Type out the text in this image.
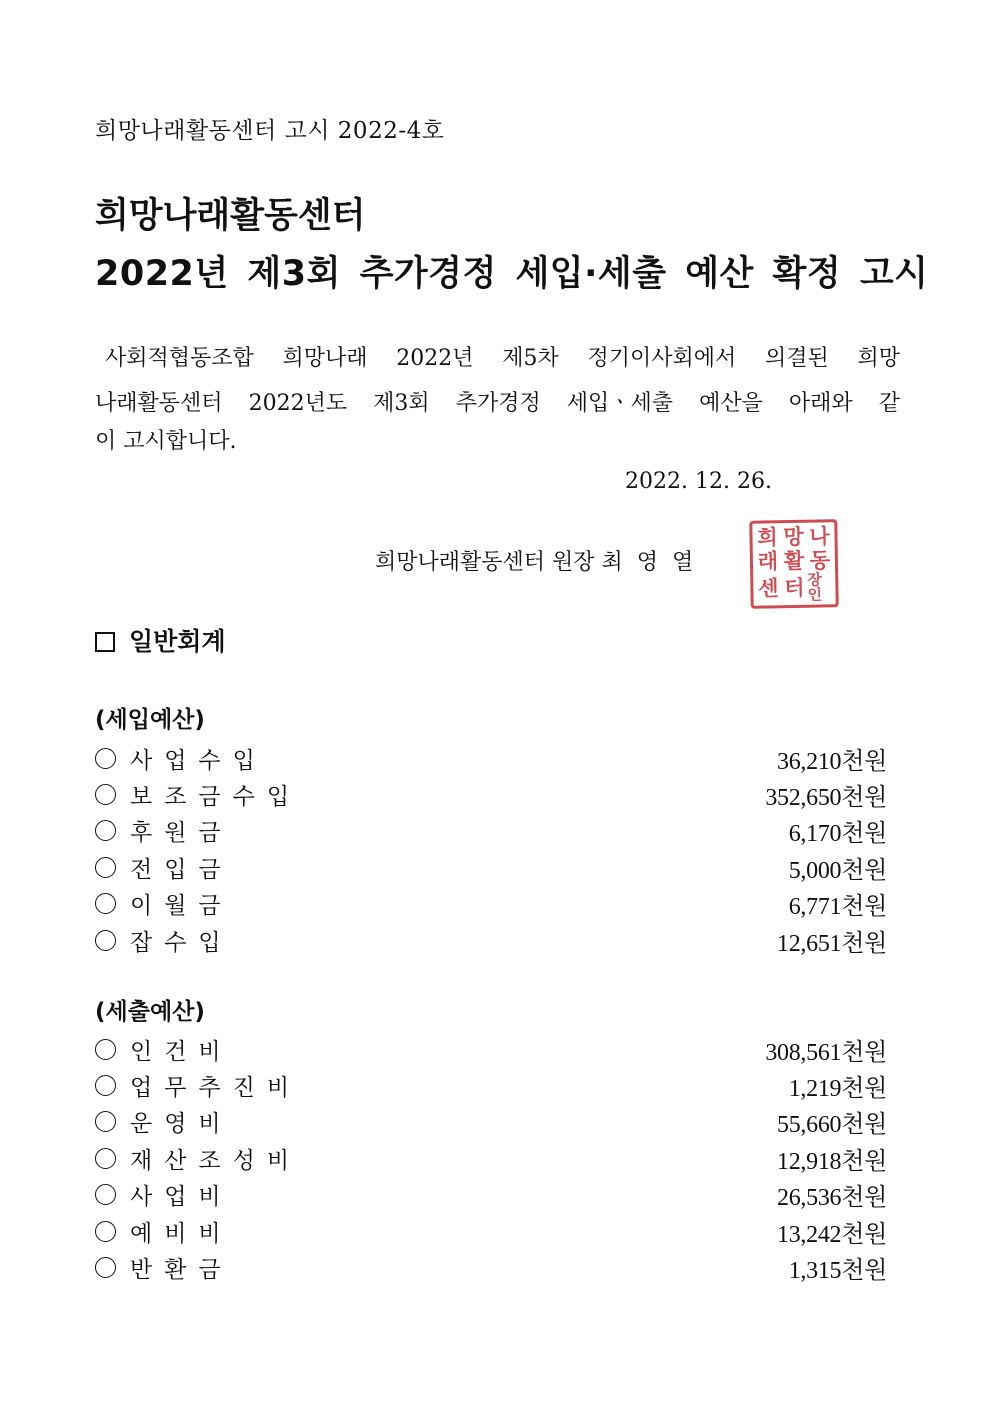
희망나래활동센터 고시 2022-4호
희망나래활동센터
2022년 제3회 추가경정 세입·세출 예산 확정 고시
사회적협동조합 희망나래 2022년 제5차 정기이사회에서 의결된 희망
나래활동센터 2022년도 제3회 추가경정 세입ㆍ세출 예산을 아래와 같
이 고시합니다.
2022. 12. 26.
희망나래활동센터 원장 최  영  열
희 망 나
래 활 동
센 터 장인
일반회계
(세입예산)
사업수입	36,210천원
보조금수입	352,650천원
후원금	6,170천원
전입금	5,000천원
이월금	6,771천원
잡수입	12,651천원
(세출예산)
인건비	308,561천원
업무추진비	1,219천원
운영비	55,660천원
재산조성비	12,918천원
사업비	26,536천원
예비비	13,242천원
반환금	1,315천원
